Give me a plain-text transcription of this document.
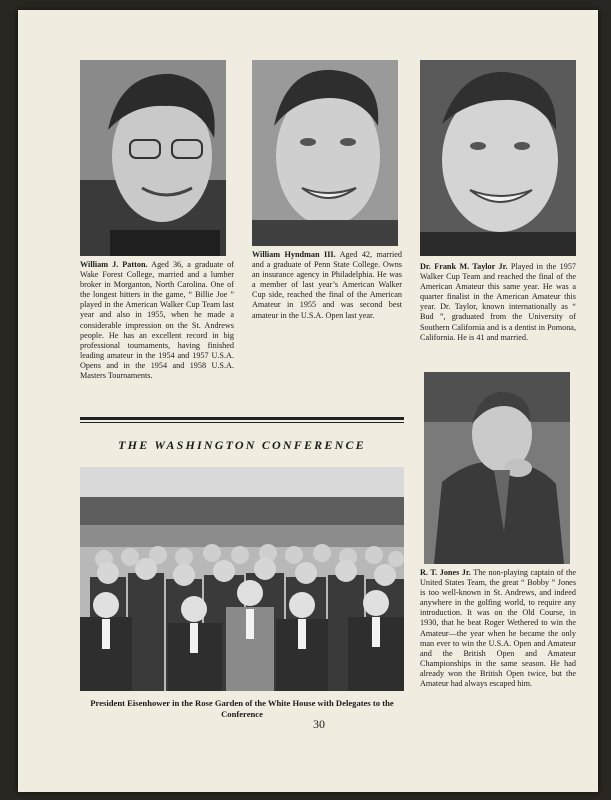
William J. Patton. Aged 36, a graduate of Wake Forest College, married and a lumber broker in Morganton, North Carolina. One of the longest hitters in the game, “ Billie Joe ” played in the American Walker Cup Team last year and also in 1955, when he made a considerable impression on the St. Andrews people. He has an excellent record in big professional tournaments, having finished leading amateur in the 1954 and 1957 U.S.A. Opens and in the 1954 and 1958 U.S.A. Masters Tournaments.
William Hyndman III. Aged 42, married and a graduate of Penn State College. Owns an insurance agency in Philadelphia. He was a member of last year’s American Walker Cup side, reached the final of the American Amateur in 1955 and was second best amateur in the U.S.A. Open last year.
Dr. Frank M. Taylor Jr. Played in the 1957 Walker Cup Team and reached the final of the American Amateur this same year. He was a quarter finalist in the American Amateur this year. Dr. Taylor, known internationally as “ Bud ”, graduated from the University of Southern California and is a dentist in Pomona, California. He is 41 and married.
R. T. Jones Jr. The non-playing captain of the United States Team, the great “ Bobby ” Jones is too well-known in St. Andrews, and indeed anywhere in the golfing world, to require any introduction. It was on the Old Course, in 1930, that he beat Roger Wethered to win the Amateur—the year when he became the only man ever to win the U.S.A. Open and Amateur and the British Open and Amateur Championships in the same season. He had already won the British Open twice, but the Amateur had always escaped him.
THE WASHINGTON CONFERENCE
President Eisenhower in the Rose Garden of the White House with Delegates to the Conference
30
